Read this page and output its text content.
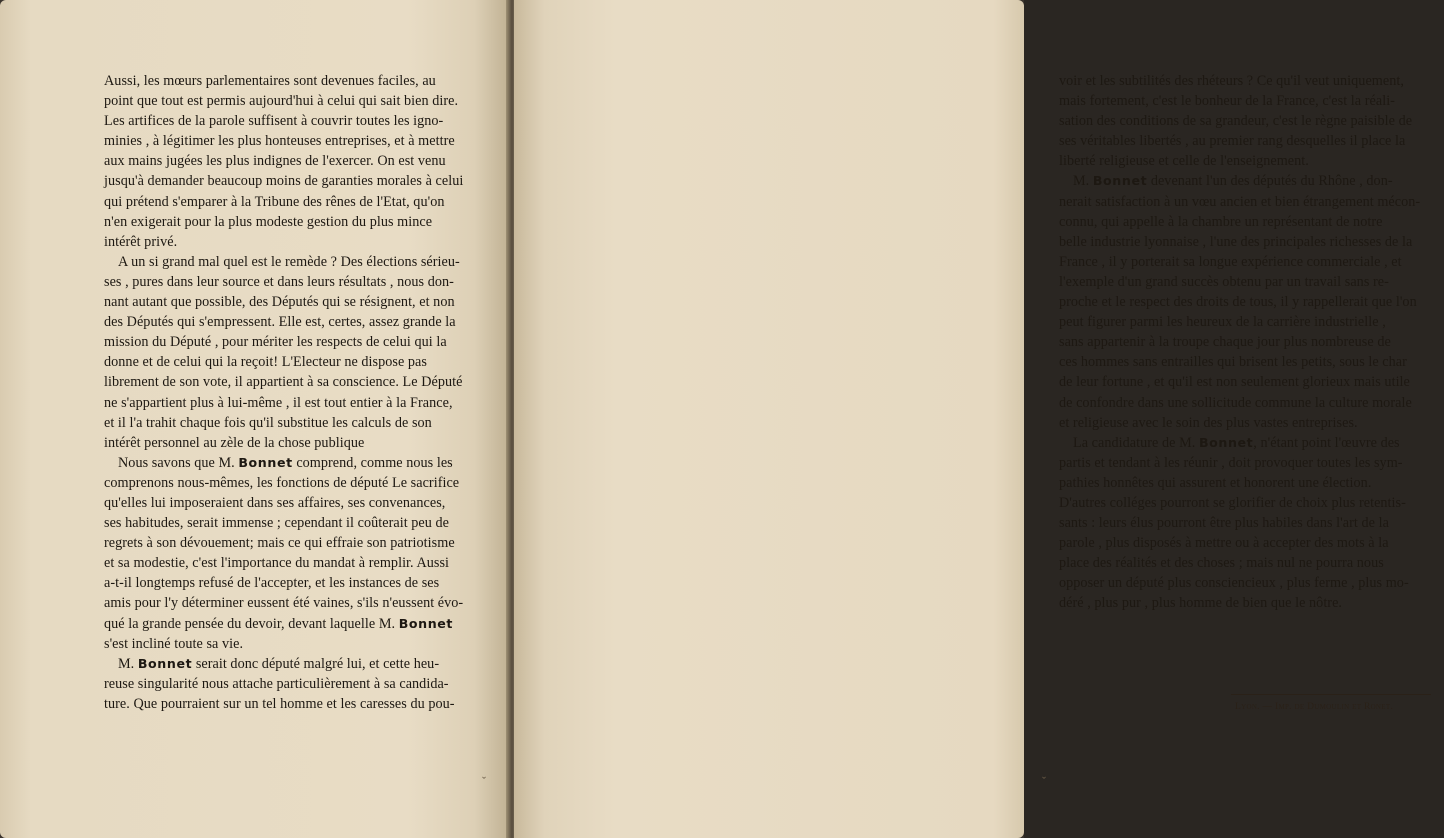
Aussi, les mœurs parlementaires sont devenues faciles, au
point que tout est permis aujourd'hui à celui qui sait bien dire.
Les artifices de la parole suffisent à couvrir toutes les igno-
minies , à légitimer les plus honteuses entreprises, et à mettre
aux mains jugées les plus indignes de l'exercer. On est venu
jusqu'à demander beaucoup moins de garanties morales à celui
qui prétend s'emparer à la Tribune des rênes de l'Etat, qu'on
n'en exigerait pour la plus modeste gestion du plus mince
intérêt privé.

A un si grand mal quel est le remède ? Des élections sérieu-
ses , pures dans leur source et dans leurs résultats , nous don-
nant autant que possible, des Députés qui se résignent, et non
des Députés qui s'empressent. Elle est, certes, assez grande la
mission du Député , pour mériter les respects de celui qui la
donne et de celui qui la reçoit! L'Electeur ne dispose pas
librement de son vote, il appartient à sa conscience. Le Député
ne s'appartient plus à lui-même , il est tout entier à la France,
et il l'a trahit chaque fois qu'il substitue les calculs de son
intérêt personnel au zèle de la chose publique

Nous savons que M. Bonnet comprend, comme nous les
comprenons nous-mêmes, les fonctions de député Le sacrifice
qu'elles lui imposeraient dans ses affaires, ses convenances,
ses habitudes, serait immense ; cependant il coûterait peu de
regrets à son dévouement; mais ce qui effraie son patriotisme
et sa modestie, c'est l'importance du mandat à remplir. Aussi
a-t-il longtemps refusé de l'accepter, et les instances de ses
amis pour l'y déterminer eussent été vaines, s'ils n'eussent évo-
qué la grande pensée du devoir, devant laquelle M. Bonnet
s'est incliné toute sa vie.

M. Bonnet serait donc député malgré lui, et cette heu-
reuse singularité nous attache particulièrement à sa candida-
ture. Que pourraient sur un tel homme et les caresses du pou-

ˇ

voir et les subtilités des rhéteurs ? Ce qu'il veut uniquement,
mais fortement, c'est le bonheur de la France, c'est la réali-
sation des conditions de sa grandeur, c'est le règne paisible de
ses véritables libertés , au premier rang desquelles il place la
liberté religieuse et celle de l'enseignement.

M. Bonnet devenant l'un des députés du Rhône , don-
nerait satisfaction à un vœu ancien et bien étrangement mécon-
connu, qui appelle à la chambre un représentant de notre
belle industrie lyonnaise , l'une des principales richesses de la
France , il y porterait sa longue expérience commerciale , et
l'exemple d'un grand succès obtenu par un travail sans re-
proche et le respect des droits de tous, il y rappellerait que l'on
peut figurer parmi les heureux de la carrière industrielle ,
sans appartenir à la troupe chaque jour plus nombreuse de
ces hommes sans entrailles qui brisent les petits, sous le char
de leur fortune , et qu'il est non seulement glorieux mais utile
de confondre dans une sollicitude commune la culture morale
et religieuse avec le soin des plus vastes entreprises.

La candidature de M. Bonnet, n'étant point l'œuvre des
partis et tendant à les réunir , doit provoquer toutes les sym-
pathies honnêtes qui assurent et honorent une élection.
D'autres colléges pourront se glorifier de choix plus retentis-
sants : leurs élus pourront être plus habiles dans l'art de la
parole , plus disposés à mettre ou à accepter des mots à la
place des réalités et des choses ; mais nul ne pourra nous
opposer un député plus consciencieux , plus ferme , plus mo-
déré , plus pur , plus homme de bien que le nôtre.

Lyon. — Imp. de Dumoulin et Ronet.
ˇ
